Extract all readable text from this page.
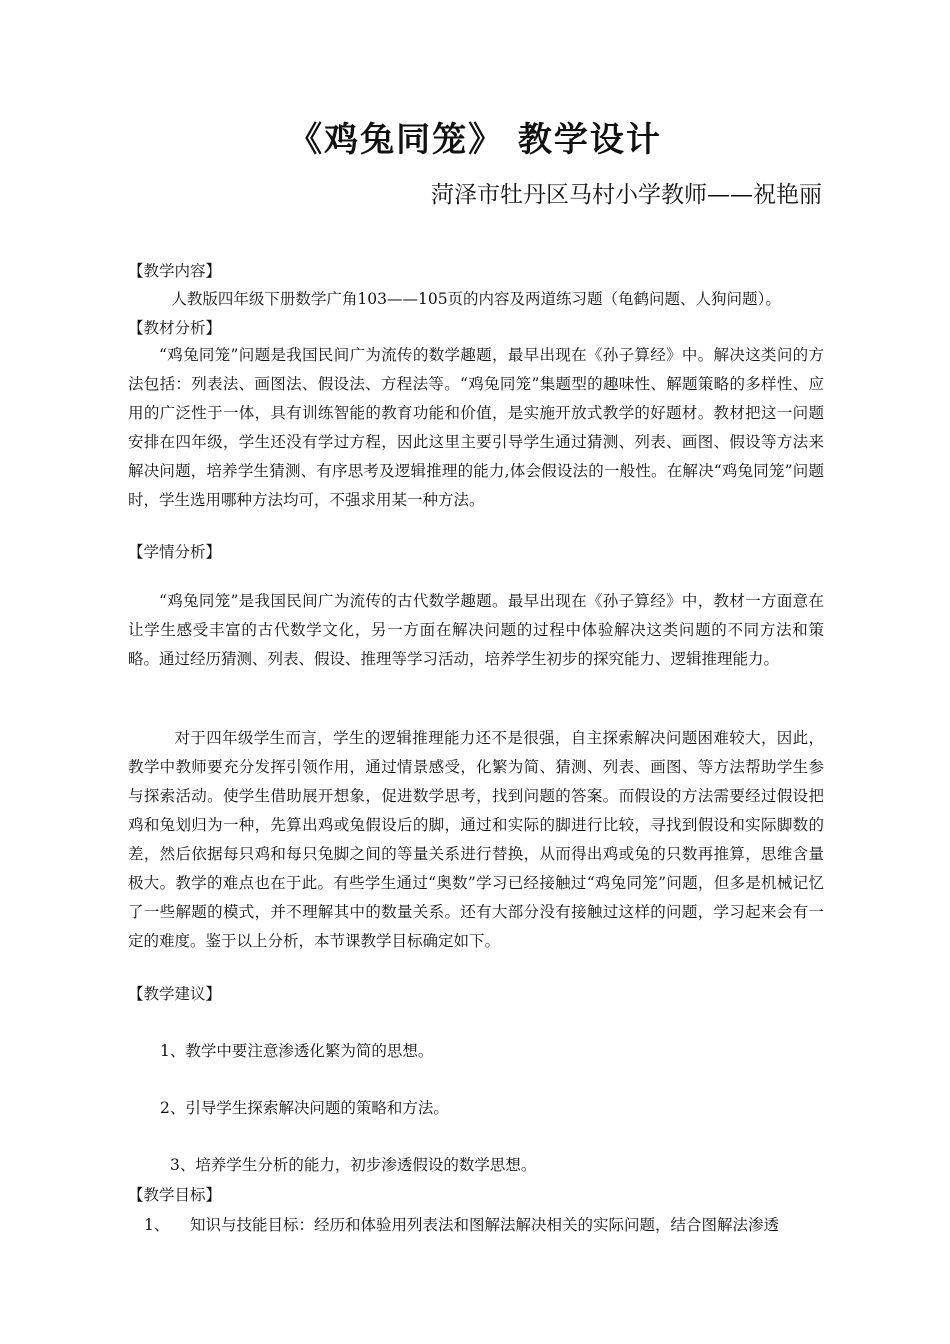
《鸡兔同笼》 教学设计
菏泽市牡丹区马村小学教师——祝艳丽
【教学内容】

人教版四年级下册数学广角103——105页的内容及两道练习题（龟鹤问题、人狗问题）。

【教材分析】

“鸡兔同笼”问题是我国民间广为流传的数学趣题，最早出现在《孙子算经》中。解决这类问的方法包括：列表法、画图法、假设法、方程法等。“鸡兔同笼”集题型的趣味性、解题策略的多样性、应用的广泛性于一体，具有训练智能的教育功能和价值，是实施开放式教学的好题材。教材把这一问题安排在四年级，学生还没有学过方程，因此这里主要引导学生通过猜测、列表、画图、假设等方法来解决问题，培养学生猜测、有序思考及逻辑推理的能力,体会假设法的一般性。在解决“鸡兔同笼”问题时，学生选用哪种方法均可，不强求用某一种方法。

【学情分析】

“鸡兔同笼”是我国民间广为流传的古代数学趣题。最早出现在《孙子算经》中，教材一方面意在让学生感受丰富的古代数学文化，另一方面在解决问题的过程中体验解决这类问题的不同方法和策略。通过经历猜测、列表、假设、推理等学习活动，培养学生初步的探究能力、逻辑推理能力。

对于四年级学生而言，学生的逻辑推理能力还不是很强，自主探索解决问题困难较大，因此，教学中教师要充分发挥引领作用，通过情景感受，化繁为简、猜测、列表、画图、等方法帮助学生参与探索活动。使学生借助展开想象，促进数学思考，找到问题的答案。而假设的方法需要经过假设把鸡和兔划归为一种，先算出鸡或兔假设后的脚，通过和实际的脚进行比较，寻找到假设和实际脚数的差，然后依据每只鸡和每只兔脚之间的等量关系进行替换，从而得出鸡或兔的只数再推算，思维含量极大。教学的难点也在于此。有些学生通过“奥数”学习已经接触过“鸡兔同笼”问题，但多是机械记忆了一些解题的模式，并不理解其中的数量关系。还有大部分没有接触过这样的问题，学习起来会有一定的难度。鉴于以上分析，本节课教学目标确定如下。

【教学建议】
1、教学中要注意渗透化繁为简的思想。
2、引导学生探索解决问题的策略和方法。
3、培养学生分析的能力，初步渗透假设的数学思想。
【教学目标】
1、 知识与技能目标：经历和体验用列表法和图解法解决相关的实际问题，结合图解法渗透
